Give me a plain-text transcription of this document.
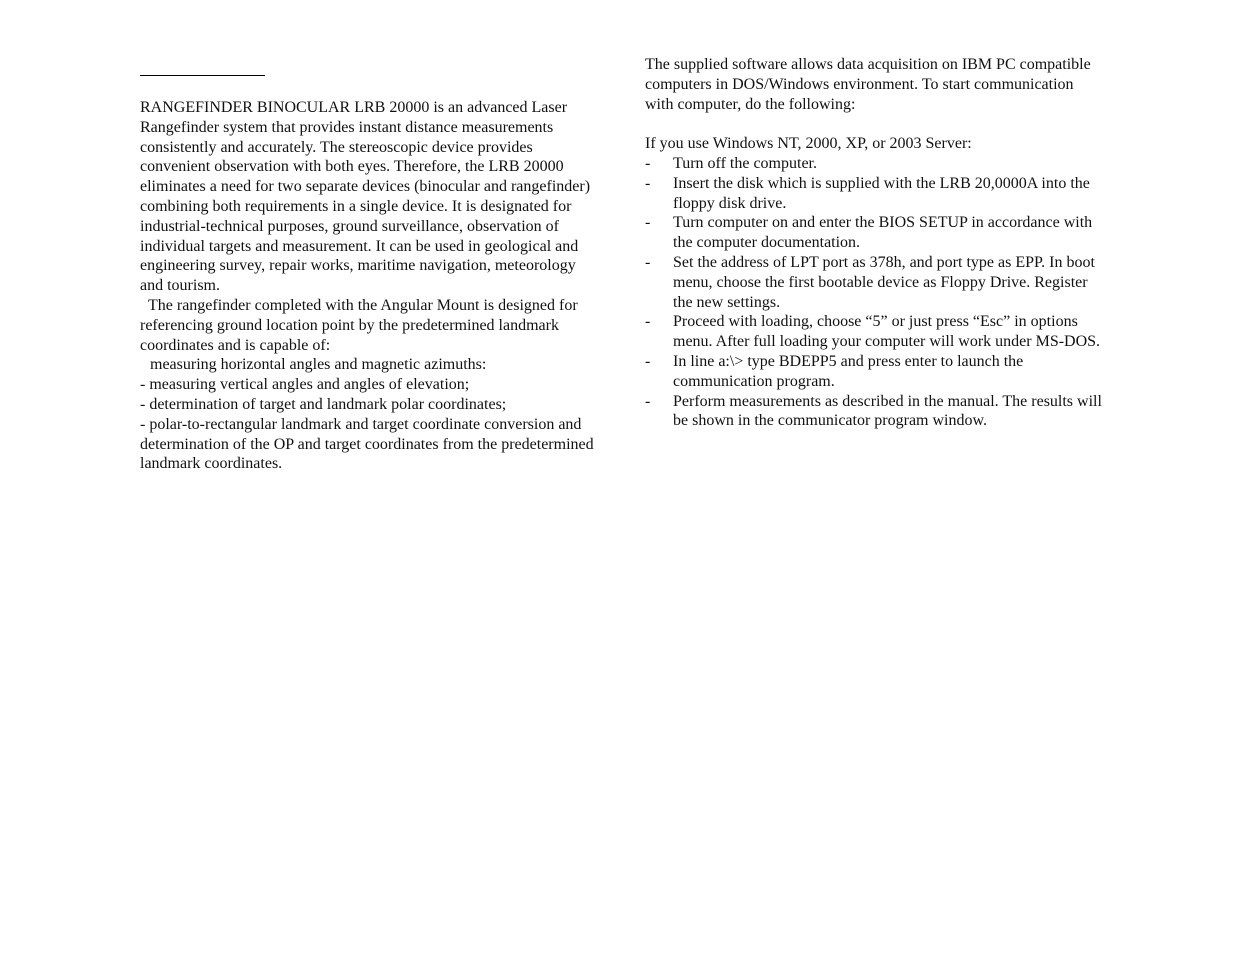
RANGEFINDER BINOCULAR LRB 20000 is an advanced Laser Rangefinder system that provides instant distance measurements consistently and accurately. The stereoscopic device provides convenient observation with both eyes. Therefore, the LRB 20000 eliminates a need for two separate devices (binocular and rangefinder) combining both requirements in a single device. It is designated for industrial-technical purposes, ground surveillance, observation of individual targets and measurement. It can be used in geological and engineering survey, repair works, maritime navigation, meteorology and tourism.

The rangefinder completed with the Angular Mount is designed for referencing ground location point by the predetermined landmark coordinates and is capable of:

measuring horizontal angles and magnetic azimuths:

- measuring vertical angles and angles of elevation;

- determination of target and landmark polar coordinates;

- polar-to-rectangular landmark and target coordinate conversion and determination of the OP and target coordinates from the predetermined landmark coordinates.

The supplied software allows data acquisition on IBM PC compatible computers in DOS/Windows environment. To start communication with computer, do the following:

If you use Windows NT, 2000, XP, or 2003 Server:

- Turn off the computer.
- Insert the disk which is supplied with the LRB 20,0000A into the floppy disk drive.
- Turn computer on and enter the BIOS SETUP in accordance with the computer documentation.
- Set the address of LPT port as 378h, and port type as EPP. In boot menu, choose the first bootable device as Floppy Drive. Register the new settings.
- Proceed with loading, choose “5” or just press “Esc” in options menu. After full loading your computer will work under MS-DOS.
- In line a:\> type BDEPP5 and press enter to launch the communication program.
- Perform measurements as described in the manual. The results will be shown in the communicator program window.
